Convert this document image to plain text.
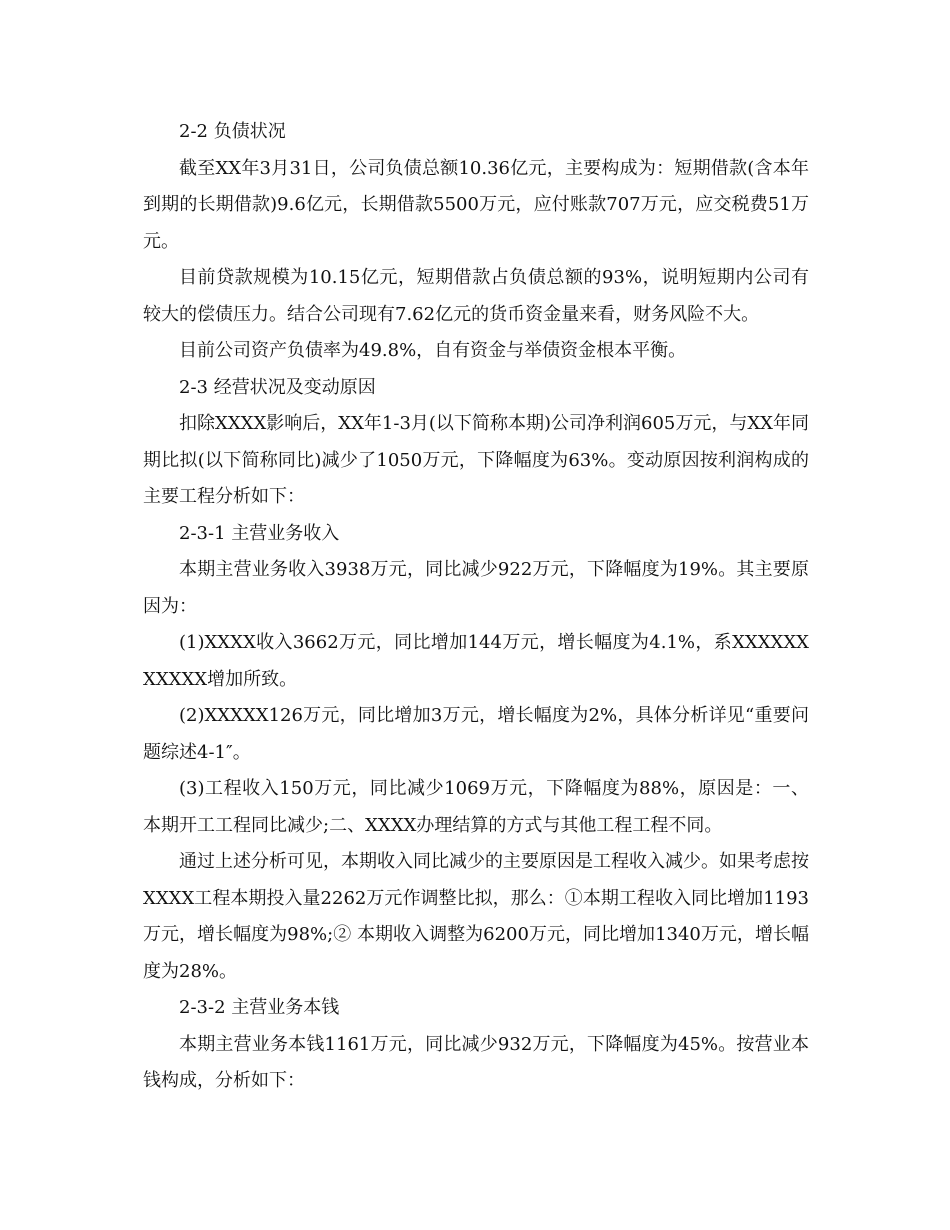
2-2 负债状况

截至XX年3月31日，公司负债总额10.36亿元，主要构成为：短期借款(含本年到期的长期借款)9.6亿元，长期借款5500万元，应付账款707万元，应交税费51万元。

目前贷款规模为10.15亿元，短期借款占负债总额的93%，说明短期内公司有较大的偿债压力。结合公司现有7.62亿元的货币资金量来看，财务风险不大。

目前公司资产负债率为49.8%，自有资金与举债资金根本平衡。

2-3 经营状况及变动原因

扣除XXXX影响后，XX年1-3月(以下简称本期)公司净利润605万元，与XX年同期比拟(以下简称同比)减少了1050万元，下降幅度为63%。变动原因按利润构成的主要工程分析如下：

2-3-1 主营业务收入

本期主营业务收入3938万元，同比减少922万元，下降幅度为19%。其主要原因为：

(1)XXXX收入3662万元，同比增加144万元，增长幅度为4.1%，系XXXXXXXXXXX增加所致。

(2)XXXXX126万元，同比增加3万元，增长幅度为2%，具体分析详见“重要问题综述4-1″。

(3)工程收入150万元，同比减少1069万元，下降幅度为88%，原因是：一、本期开工工程同比减少;二、XXXX办理结算的方式与其他工程工程不同。

通过上述分析可见，本期收入同比减少的主要原因是工程收入减少。如果考虑按XXXX工程本期投入量2262万元作调整比拟，那么：①本期工程收入同比增加1193万元，增长幅度为98%;② 本期收入调整为6200万元，同比增加1340万元，增长幅度为28%。

2-3-2 主营业务本钱

本期主营业务本钱1161万元，同比减少932万元，下降幅度为45%。按营业本钱构成，分析如下：
